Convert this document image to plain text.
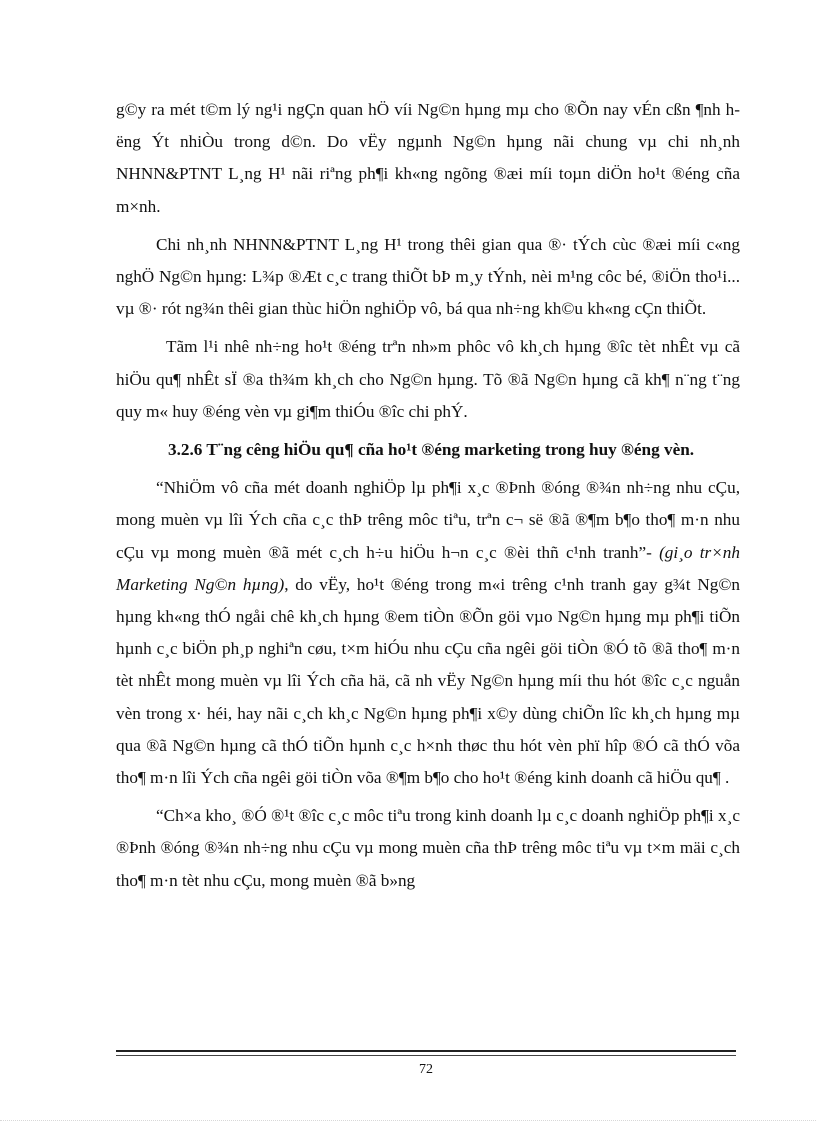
g©y ra mét t©m lý ng¹i ngÇn quan hÖ víi Ng©n hµng mµ cho ®Õn nay vÉn cßn ¶nh hëng Ýt nhiÒu trong d©n. Do vËy ngµnh Ng©n hµng nãi chung vµ chi nh¸nh NHNN&PTNT L¸ng H¹ nãi riªng ph¶i kh«ng ngõng ®æi míi toµn diÖn ho¹t ®éng cña m×nh.

Chi nh¸nh NHNN&PTNT L¸ng H¹ trong thêi gian qua ®· tÝch cùc ®æi míi c«ng nghÖ Ng©n hµng: L¾p ®Æt c¸c trang thiÕt bÞ m¸y tÝnh, nèi m¹ng côc bé, ®iÖn tho¹i... vµ ®· rót ng¾n thêi gian thùc hiÖn nghiÖp vô, bá qua nh÷ng kh©u kh«ng cÇn thiÕt.

Tãm l¹i nhê nh÷ng ho¹t ®éng trªn nh»m phôc vô kh¸ch hµng ®îc tèt nhÊt vµ cã hiÖu qu¶ nhÊt sÏ ®a th¾m kh¸ch cho Ng©n hµng. Tõ ®ã Ng©n hµng cã kh¶ n¨ng t¨ng quy m« huy ®éng vèn vµ gi¶m thiÓu ®îc chi phÝ.

3.2.6 T¨ng cêng hiÖu qu¶ cña ho¹t ®éng marketing trong huy ®éng vèn.

“NhiÖm vô cña mét doanh nghiÖp lµ ph¶i x¸c ®Þnh ®óng ®¾n nh÷ng nhu cÇu, mong muèn vµ lîi Ých cña c¸c thÞ trêng môc tiªu, trªn c¬ së ®ã ®¶m b¶o tho¶ m·n nhu cÇu vµ mong muèn ®ã mét c¸ch h÷u hiÖu h¬n c¸c ®èi thñ c¹nh tranh”- (gi¸o tr×nh Marketing Ng©n hµng), do vËy, ho¹t ®éng trong m«i trêng c¹nh tranh gay g¾t Ng©n hµng kh«ng thÓ ngåi chê kh¸ch hµng ®em tiÒn ®Õn göi vµo Ng©n hµng mµ ph¶i tiÕn hµnh c¸c biÖn ph¸p nghiªn cøu, t×m hiÓu nhu cÇu cña ngêi göi tiÒn ®Ó tõ ®ã tho¶ m·n tèt nhÊt mong muèn vµ lîi Ých cña hä, cã nh vËy Ng©n hµng míi thu hót ®îc c¸c nguån vèn trong x· héi, hay nãi c¸ch kh¸c Ng©n hµng ph¶i x©y dùng chiÕn lîc kh¸ch hµng mµ qua ®ã Ng©n hµng cã thÓ tiÕn hµnh c¸c h×nh thøc thu hót vèn phï hîp ®Ó cã thÓ võa tho¶ m·n lîi Ých cña ngêi göi tiÒn võa ®¶m b¶o cho ho¹t ®éng kinh doanh cã hiÖu qu¶ .

“Ch×a kho¸ ®Ó ®¹t ®îc c¸c môc tiªu trong kinh doanh lµ c¸c doanh nghiÖp ph¶i x¸c ®Þnh ®óng ®¾n nh÷ng nhu cÇu vµ mong muèn cña thÞ trêng môc tiªu vµ t×m mäi c¸ch tho¶ m·n tèt nhu cÇu, mong muèn ®ã b»ng

72
